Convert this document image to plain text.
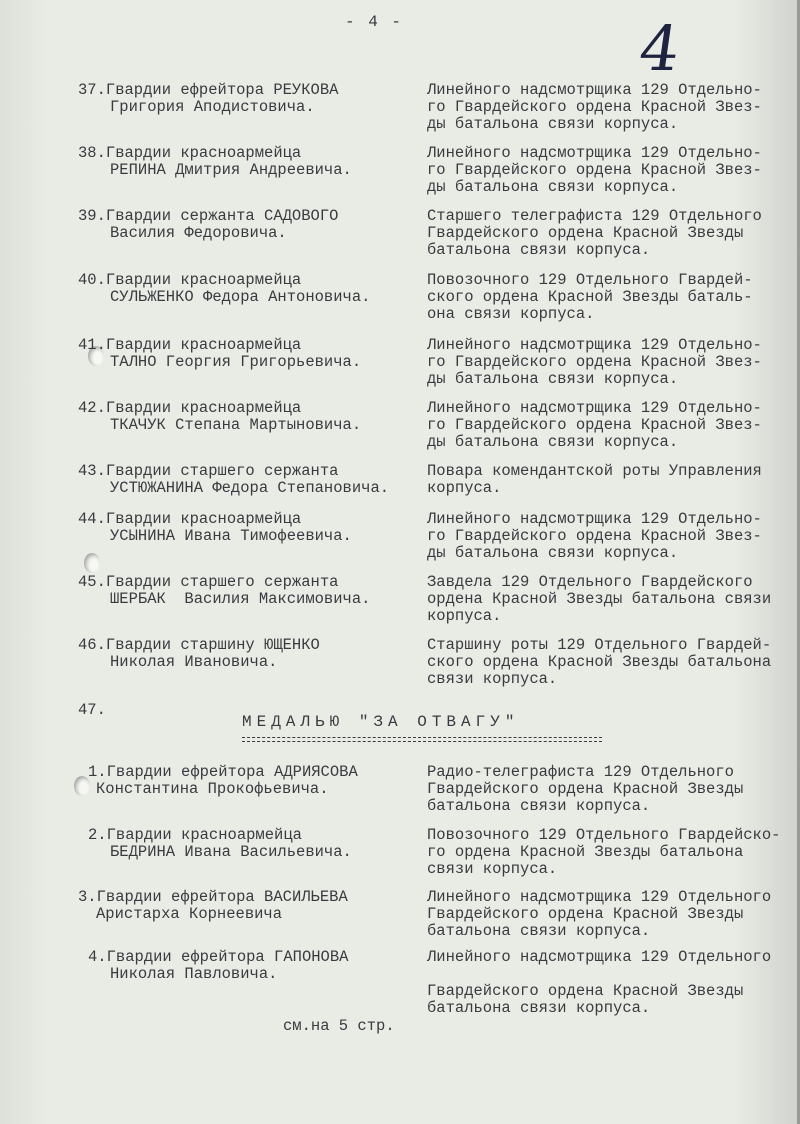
- 4 -	4
37.Гвардии ефрейтора РЕУКОВА
Григория Аподистовича.
Линейного надсмотрщика 129 Отдельно-
го Гвардейского ордена Красной Звез-
ды батальона связи корпуса.
38.Гвардии красноармейца
РЕПИНА Дмитрия Андреевича.
Линейного надсмотрщика 129 Отдельно-
го Гвардейского ордена Красной Звез-
ды батальона связи корпуса.
39.Гвардии сержанта САДОВОГО
Василия Федоровича.
Старшего телеграфиста 129 Отдельного
Гвардейского ордена Красной Звезды
батальона связи корпуса.
40.Гвардии красноармейца
СУЛЬЖЕНКО Федора Антоновича.
Повозочного 129 Отдельного Гвардей-
ского ордена Красной Звезды баталь-
она связи корпуса.
41.Гвардии красноармейца
ТАЛНО Георгия Григорьевича.
Линейного надсмотрщика 129 Отдельно-
го Гвардейского ордена Красной Звез-
ды батальона связи корпуса.
42.Гвардии красноармейца
ТКАЧУК Степана Мартыновича.
Линейного надсмотрщика 129 Отдельно-
го Гвардейского ордена Красной Звез-
ды батальона связи корпуса.
43.Гвардии старшего сержанта
УСТЮЖАНИНА Федора Степановича.
Повара комендантской роты Управления
корпуса.
44.Гвардии красноармейца
УСЫНИНА Ивана Тимофеевича.
Линейного надсмотрщика 129 Отдельно-
го Гвардейского ордена Красной Звез-
ды батальона связи корпуса.
45.Гвардии старшего сержанта
ШЕРБАК  Василия Максимовича.
Завдела 129 Отдельного Гвардейского
ордена Красной Звезды батальона связи
корпуса.
46.Гвардии старшину ЮЩЕНКО
Николая Ивановича.
Старшину роты 129 Отдельного Гвардей-
ского ордена Красной Звезды батальона
связи корпуса.
47.
МЕДАЛЬЮ "ЗА ОТВАГУ"
1.Гвардии ефрейтора АДРИЯСОВА
Константина Прокофьевича.
Радио-телеграфиста 129 Отдельного
Гвардейского ордена Красной Звезды
батальона связи корпуса.
2.Гвардии красноармейца
БЕДРИНА Ивана Васильевича.
Повозочного 129 Отдельного Гвардейско-
го ордена Красной Звезды батальона
связи корпуса.
3.Гвардии ефрейтора ВАСИЛЬЕВА
Аристарха Корнеевича
Линейного надсмотрщика 129 Отдельного
Гвардейского ордена Красной Звезды
батальона связи корпуса.
4.Гвардии ефрейтора ГАПОНОВА
Николая Павловича.
Линейного надсмотрщика 129 Отдельного

Гвардейского ордена Красной Звезды
батальона связи корпуса.
см.на 5 стр.
